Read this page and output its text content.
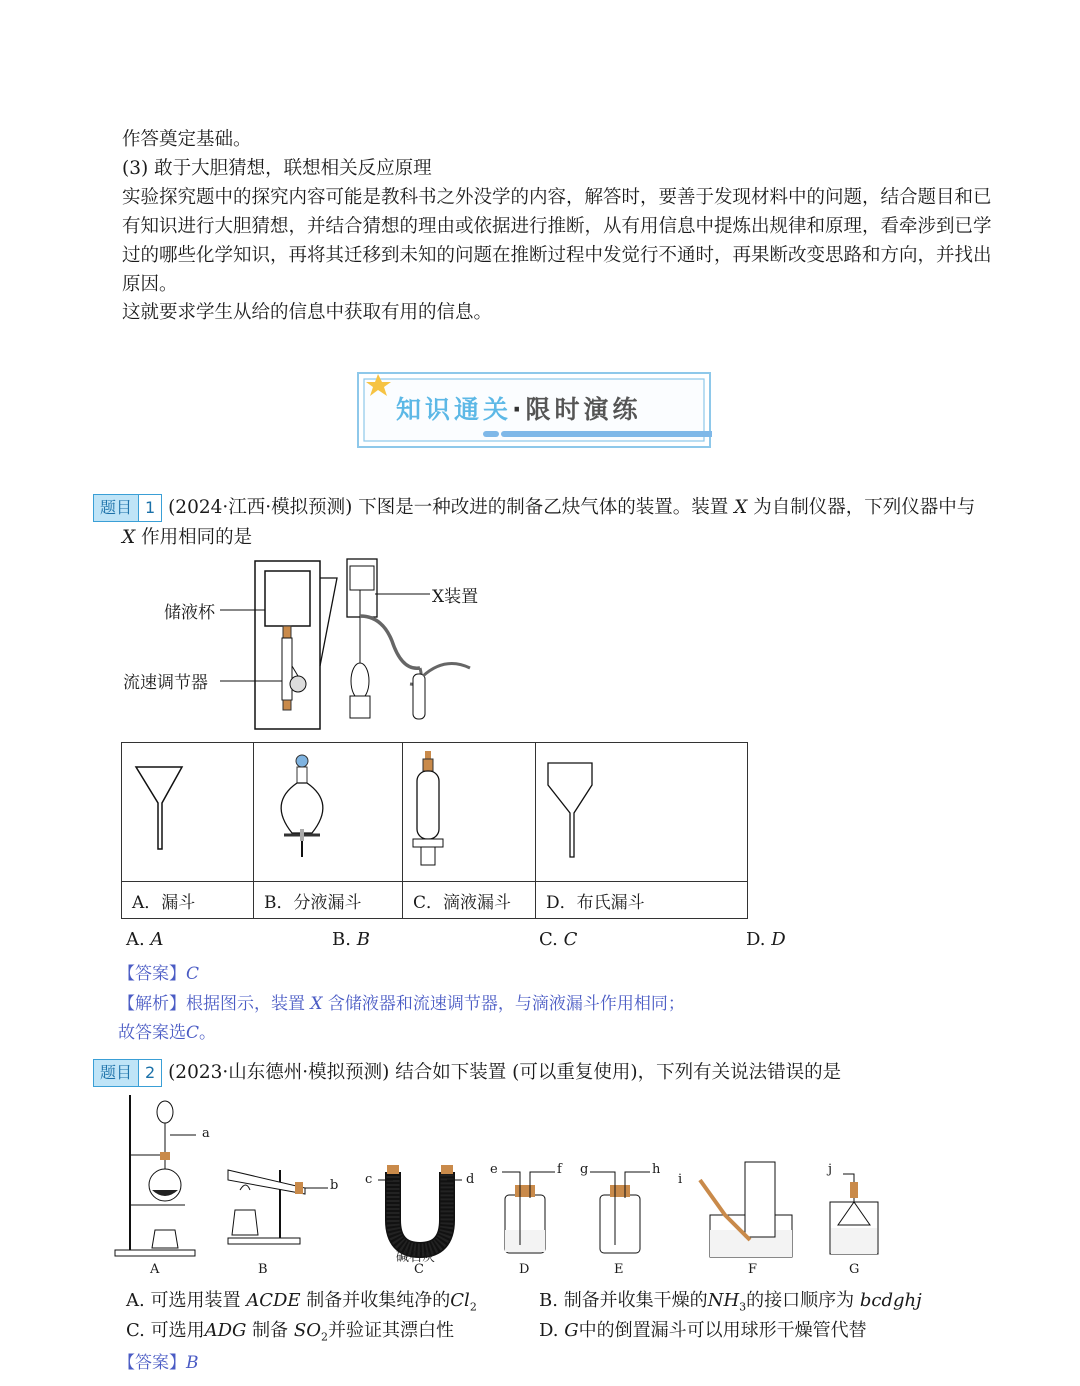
作答奠定基础。
(3) 敢于大胆猜想，联想相关反应原理
实验探究题中的探究内容可能是教科书之外没学的内容，解答时，要善于发现材料中的问题，结合题目和已有知识进行大胆猜想，并结合猜想的理由或依据进行推断，从有用信息中提炼出规律和原理，看牵涉到已学过的哪些化学知识，再将其迁移到未知的问题在推断过程中发觉行不通时，再果断改变思路和方向，并找出原因。
这就要求学生从给的信息中获取有用的信息。
知识通关·限时演练
题目 1 (2024·江西·模拟预测) 下图是一种改进的制备乙炔气体的装置。装置 X 为自制仪器，下列仪器中与
X 作用相同的是
储液杯
流速调节器
X装置

A．漏斗	B．分液漏斗	C．滴液漏斗	D．布氏漏斗
A. A	B. B	C. C	D. D
【答案】C
【解析】根据图示，装置 X 含储液器和流速调节器，与滴液漏斗作用相同；
故答案选C。
题目 2 (2023·山东德州·模拟预测) 结合如下装置 (可以重复使用)，下列有关说法错误的是
a
b c	d
e	f g	h
i
j
碱石灰
A	B	C	D	E	F	G
A. 可选用装置 ACDE 制备并收集纯净的$Cl_2$	B. 制备并收集干燥的$NH_3$的接口顺序为 bcdghj
C. 可选用ADG 制备 $SO_2$并验证其漂白性	D. G中的倒置漏斗可以用球形干燥管代替
【答案】B
